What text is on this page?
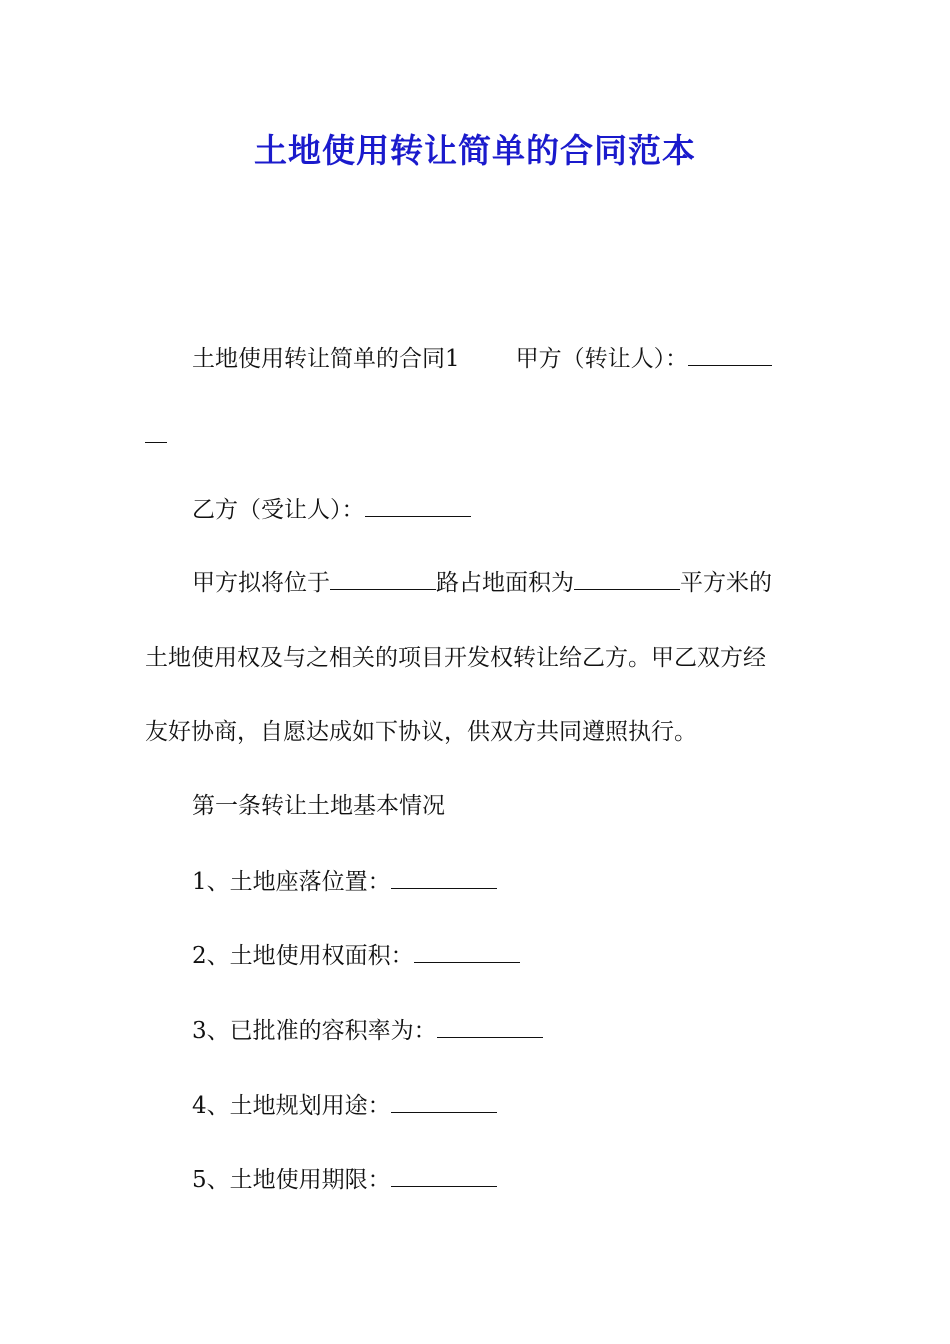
土地使用转让简单的合同范本
土地使用转让简单的合同1 甲方（转让人）：
乙方（受让人）：
甲方拟将位于	路占地面积为	平方米的
土地使用权及与之相关的项目开发权转让给乙方。甲乙双方经
友好协商，自愿达成如下协议，供双方共同遵照执行。
第一条转让土地基本情况
1、土地座落位置：
2、土地使用权面积：
3、已批准的容积率为：
4、土地规划用途：
5、土地使用期限：
